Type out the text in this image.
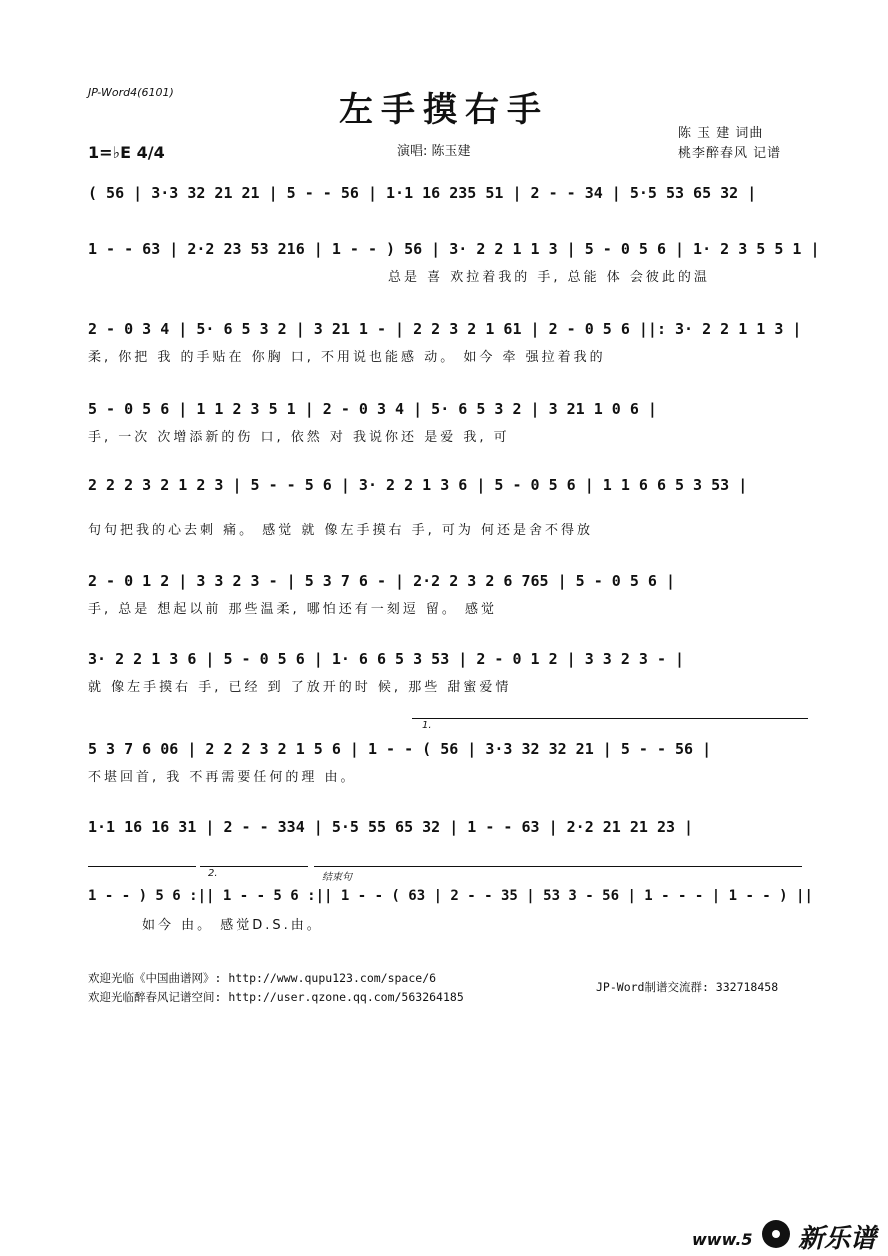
JP-Word4(6101)	左手摸右手
陈 玉 建 词曲
桃李醉春风 记谱
1=♭E 4/4	演唱: 陈玉建
( 56 | 3·3 32 21 21 | 5 - - 56 | 1·1 16 235 51 | 2 - - 34 | 5·5 53 65 32 |
1 - - 63 | 2·2 23 53 216 | 1 - - ) 56 | 3· 2 2 1 1 3 | 5 - 0 5 6 | 1· 2 3 5 5 1 |
总是 喜 欢拉着我的 手, 总能 体 会彼此的温
2 - 0 3 4 | 5· 6 5 3 2 | 3 21 1 - | 2 2 3 2 1 61 | 2 - 0 5 6 ||: 3· 2 2 1 1 3 |
柔, 你把 我 的手贴在 你胸 口, 不用说也能感 动。 如今 牵 强拉着我的
5 - 0 5 6 | 1 1 2 3 5 1 | 2 - 0 3 4 | 5· 6 5 3 2 | 3 21 1 0 6 |
手, 一次 次增添新的伤 口, 依然 对 我说你还 是爱 我, 可
2 2 2 3 2 1 2 3 | 5 - - 5 6 | 3· 2 2 1 3 6 | 5 - 0 5 6 | 1 1 6 6 5 3 53 |
句句把我的心去刺 痛。 感觉 就 像左手摸右 手, 可为 何还是舍不得放
2 - 0 1 2 | 3 3 2 3 - | 5 3 7 6 - | 2·2 2 3 2 6 765 | 5 - 0 5 6 |
手, 总是 想起以前 那些温柔, 哪怕还有一刻逗 留。 感觉
3· 2 2 1 3 6 | 5 - 0 5 6 | 1· 6 6 5 3 53 | 2 - 0 1 2 | 3 3 2 3 - |
就 像左手摸右 手, 已经 到 了放开的时 候, 那些 甜蜜爱情
1.
5 3 7 6 06 | 2 2 2 3 2 1 5 6 | 1 - - ( 56 | 3·3 32 32 21 | 5 - - 56 |
不堪回首, 我 不再需要任何的理 由。
1·1 16 16 31 | 2 - - 334 | 5·5 55 65 32 | 1 - - 63 | 2·2 21 21 23 |
2.	结束句
1 - - ) 5 6 :|| 1 - - 5 6 :|| 1 - - ( 63 | 2 - - 35 | 53 3 - 56 | 1 - - - | 1 - - ) ||
如今 由。 感觉D.S.由。
欢迎光临《中国曲谱网》: http://www.qupu123.com/space/6
欢迎光临醉春风记谱空间: http://user.qzone.qq.com/563264185
JP-Word制谱交流群: 332718458
www.5 新乐谱
